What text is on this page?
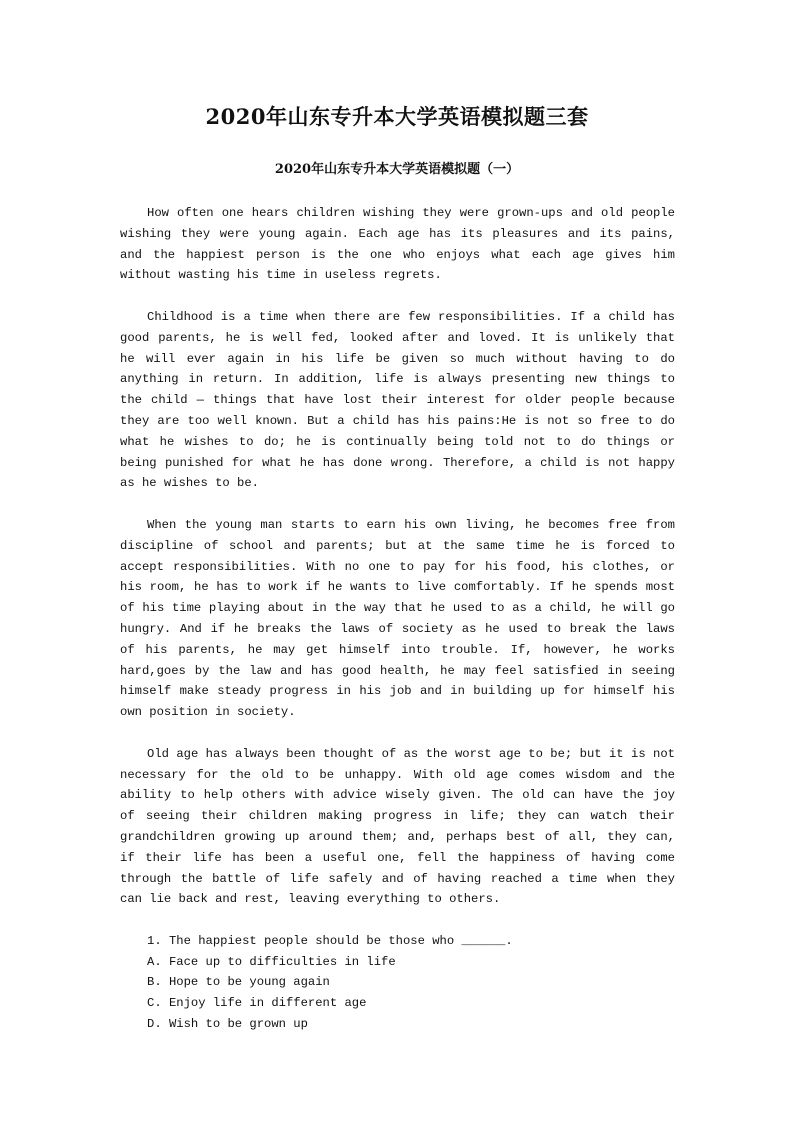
2020年山东专升本大学英语模拟题三套
2020年山东专升本大学英语模拟题（一）

How often one hears children wishing they were grown-ups and old people wishing they were young again. Each age has its pleasures and its pains, and the happiest person is the one who enjoys what each age gives him without wasting his time in useless regrets.

Childhood is a time when there are few responsibilities. If a child has good parents, he is well fed, looked after and loved. It is unlikely that he will ever again in his life be given so much without having to do anything in return. In addition, life is always presenting new things to the child — things that have lost their interest for older people because they are too well known. But a child has his pains:He is not so free to do what he wishes to do; he is continually being told not to do things or being punished for what he has done wrong. Therefore, a child is not happy as he wishes to be.

When the young man starts to earn his own living, he becomes free from discipline of school and parents; but at the same time he is forced to accept responsibilities. With no one to pay for his food, his clothes, or his room, he has to work if he wants to live comfortably. If he spends most of his time playing about in the way that he used to as a child, he will go hungry. And if he breaks the laws of society as he used to break the laws of his parents, he may get himself into trouble. If, however, he works hard,goes by the law and has good health, he may feel satisfied in seeing himself make steady progress in his job and in building up for himself his own position in society.

Old age has always been thought of as the worst age to be; but it is not necessary for the old to be unhappy. With old age comes wisdom and the ability to help others with advice wisely given. The old can have the joy of seeing their children making progress in life; they can watch their grandchildren growing up around them; and, perhaps best of all, they can, if their life has been a useful one, fell the happiness of having come through the battle of life safely and of having reached a time when they can lie back and rest, leaving everything to others.

1. The happiest people should be those who ______.

A. Face up to difficulties in life

B. Hope to be young again

C. Enjoy life in different age

D. Wish to be grown up
